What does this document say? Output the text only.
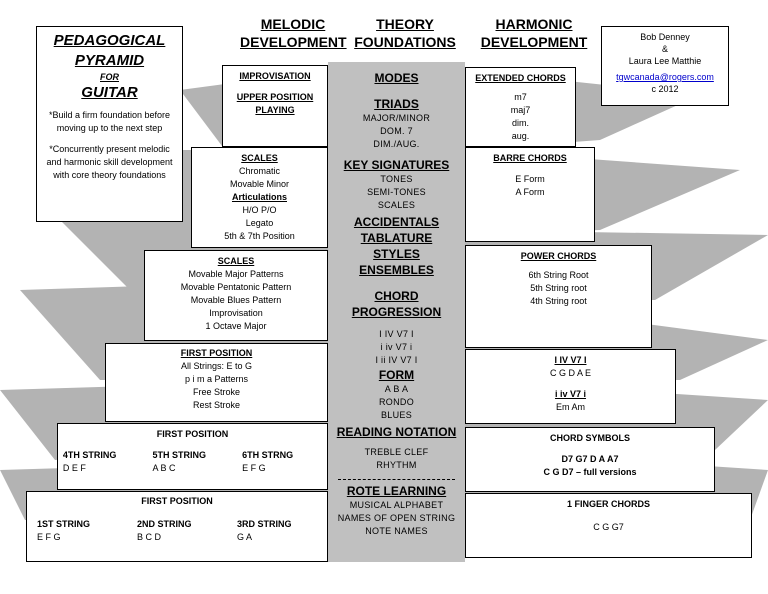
MELODIC
DEVELOPMENT
THEORY
FOUNDATIONS
HARMONIC
DEVELOPMENT
PEDAGOGICAL
PYRAMID
FOR
GUITAR
*Build a firm foundation before moving up to the next step
*Concurrently present melodic and harmonic skill development with core theory foundations
Bob Denney
&
Laura Lee Matthie
tgwcanada@rogers.com
c 2012
IMPROVISATION
UPPER POSITION
PLAYING
SCALES
Chromatic
Movable Minor
Articulations
H/O P/O
Legato
5th & 7th Position
SCALES
Movable Major Patterns
Movable Pentatonic Pattern
Movable Blues Pattern
Improvisation
1 Octave Major
FIRST POSITION
All Strings: E to G
p i m a Patterns
Free Stroke
Rest Stroke
FIRST POSITION
4TH STRING
D E F
5TH STRING
A B C
6TH STRNG
E F G
FIRST POSITION
1ST STRING
E F G
2ND STRING
B C D
3RD STRING
G A
MODES
TRIADS
MAJOR/MINOR
DOM. 7
DIM./AUG.
KEY SIGNATURES
TONES
SEMI-TONES
SCALES
ACCIDENTALS
TABLATURE
STYLES
ENSEMBLES
CHORD
PROGRESSION
I IV V7 I
i iv V7 i
I ii IV V7 I
FORM
A B A
RONDO
BLUES
READING NOTATION
TREBLE CLEF
RHYTHM
ROTE LEARNING
MUSICAL ALPHABET
NAMES OF OPEN STRING
NOTE NAMES
EXTENDED CHORDS
m7
maj7
dim.
aug.
BARRE CHORDS
E Form
A Form
POWER CHORDS
6th String Root
5th String root
4th String root
I IV V7 I
C G D A E
i iv V7 i
Em Am
CHORD SYMBOLS
D7 G7 D A A7
C G D7 – full versions
1 FINGER CHORDS
C G G7
